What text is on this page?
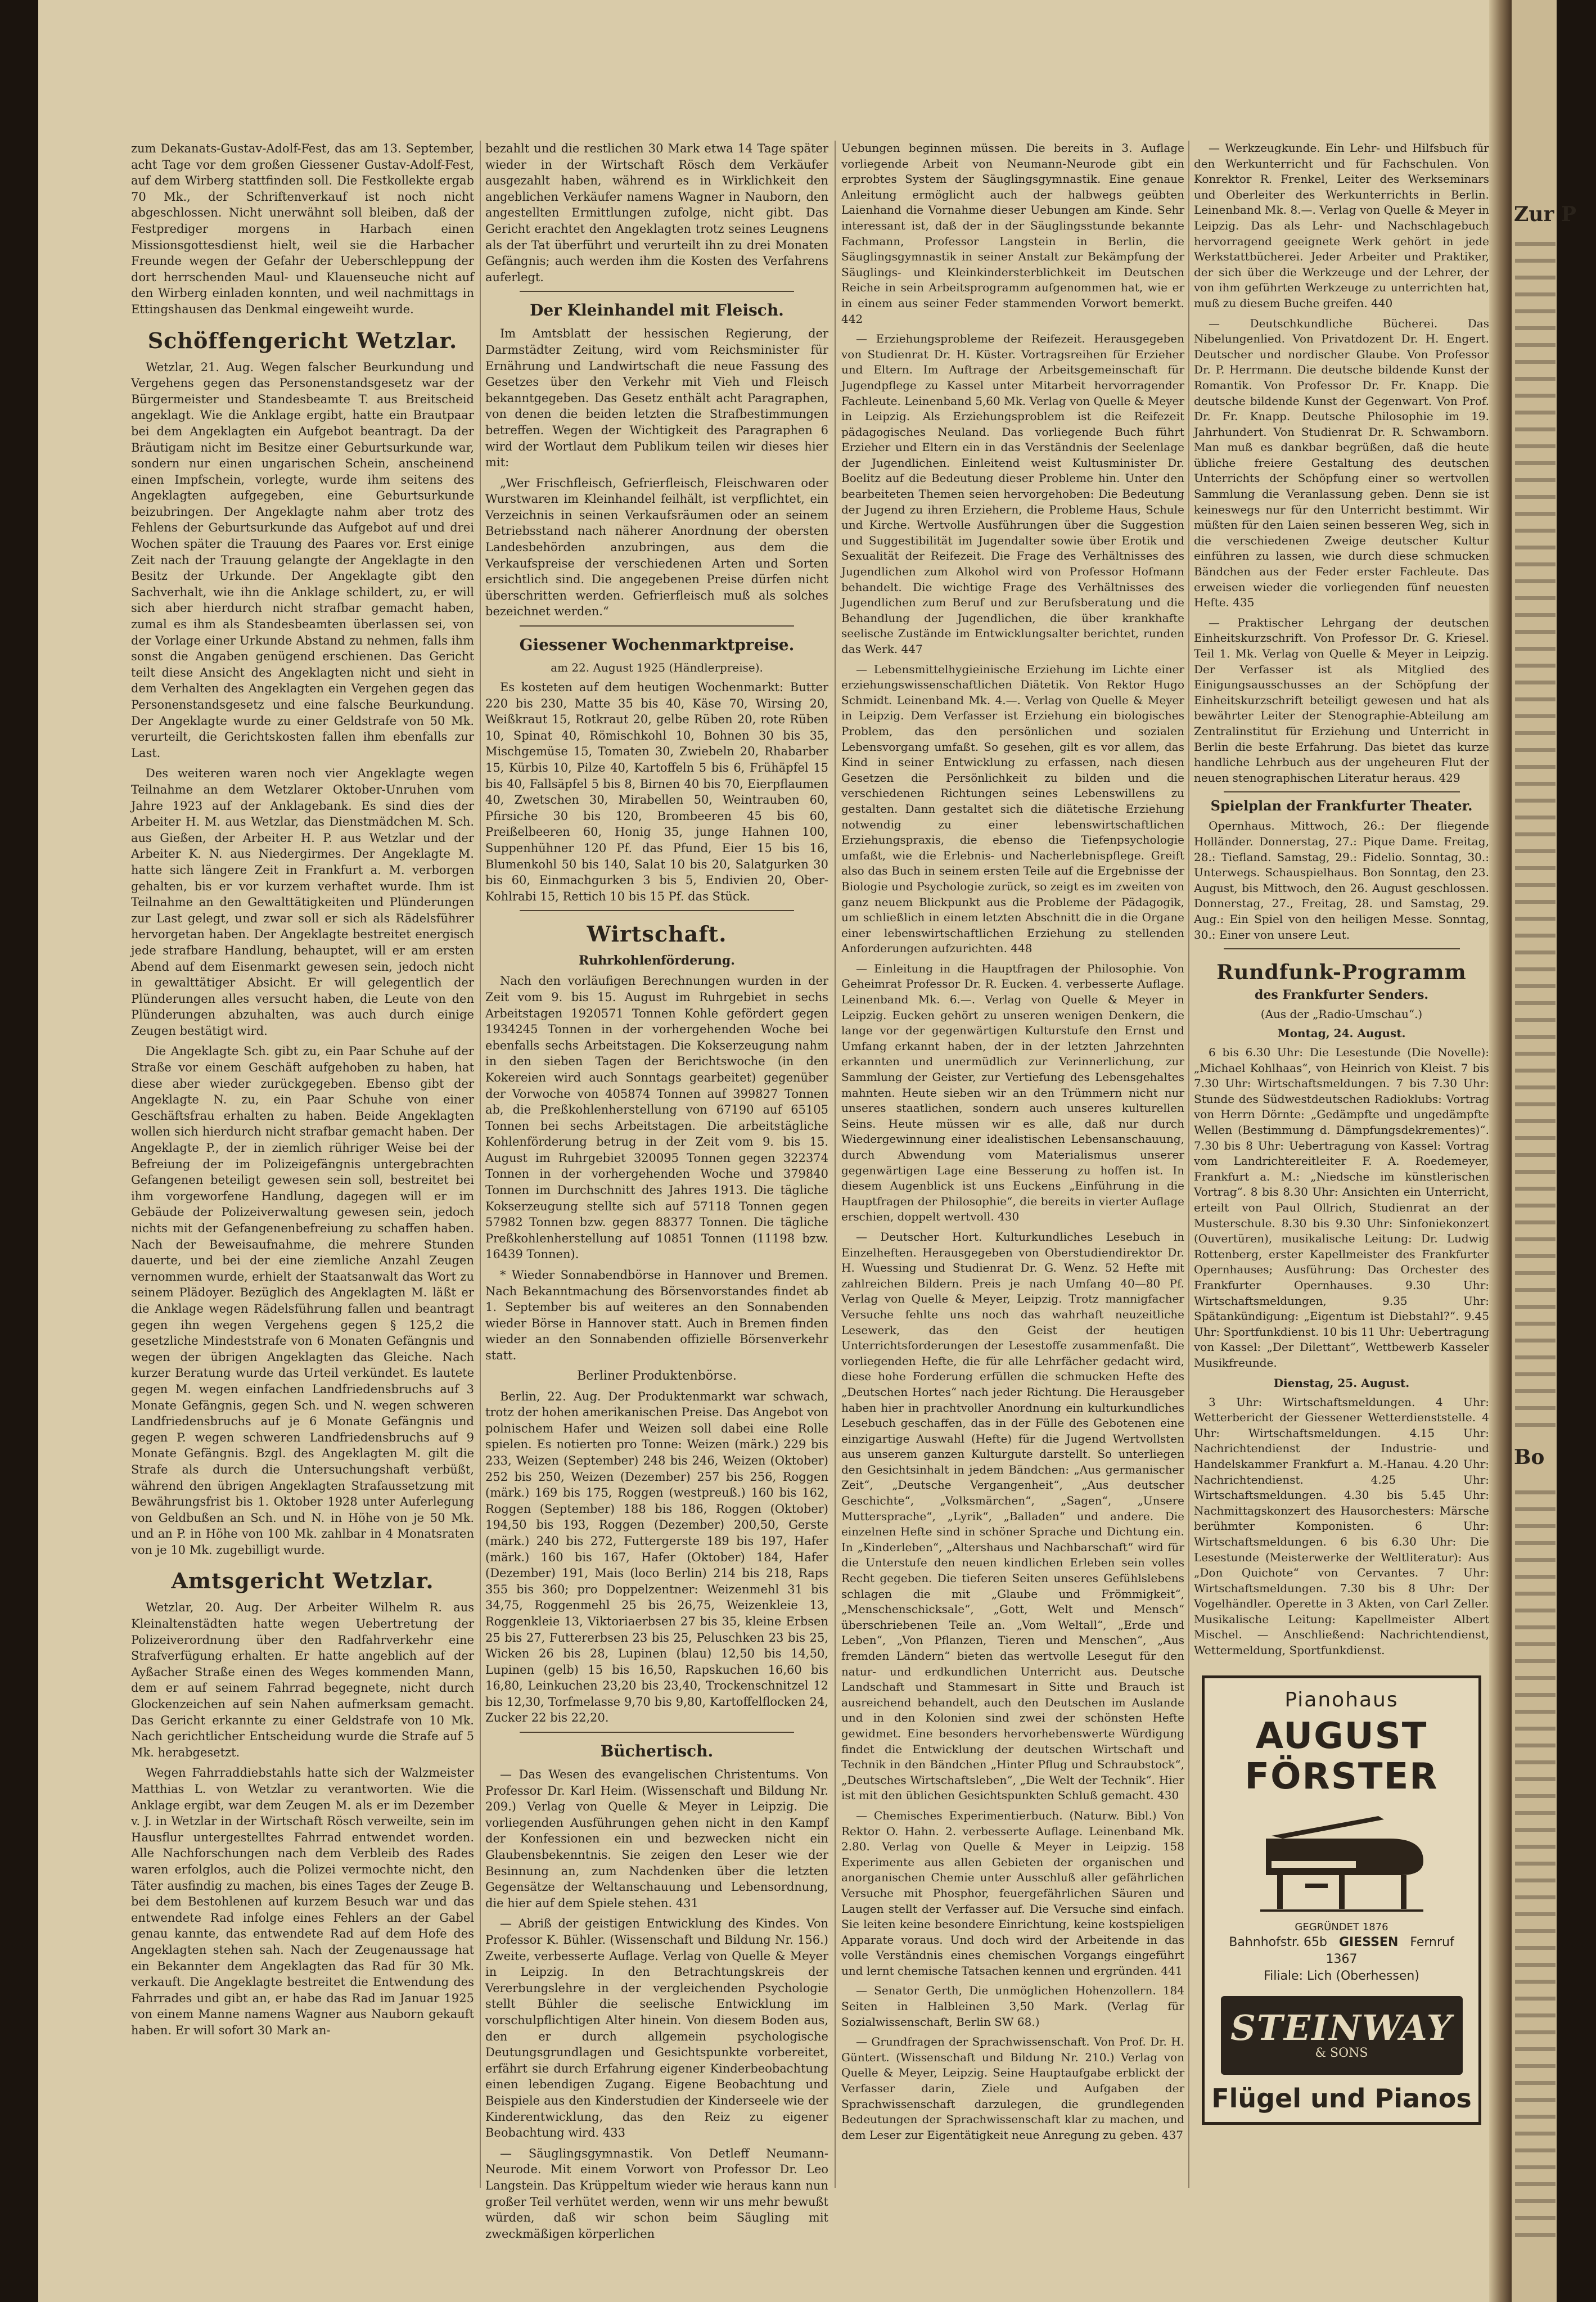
zum Dekanats-Gustav-Adolf-Fest, das am 13. September, acht Tage vor dem großen Giessener Gustav-Adolf-Fest, auf dem Wirberg stattfinden soll. Die Festkollekte ergab 70 Mk., der Schriftenverkauf ist noch nicht abgeschlossen. Nicht unerwähnt soll bleiben, daß der Festprediger morgens in Harbach einen Missionsgottesdienst hielt, weil sie die Harbacher Freunde wegen der Gefahr der Ueberschleppung der dort herrschenden Maul- und Klauenseuche nicht auf den Wirberg einladen konnten, und weil nachmittags in Ettingshausen das Denkmal eingeweiht wurde.

Schöffengericht Wetzlar.

Wetzlar, 21. Aug. Wegen falscher Beurkundung und Vergehens gegen das Personenstandsgesetz war der Bürgermeister und Standesbeamte T. aus Breitscheid angeklagt. Wie die Anklage ergibt, hatte ein Brautpaar bei dem Angeklagten ein Aufgebot beantragt. Da der Bräutigam nicht im Besitze einer Geburtsurkunde war, sondern nur einen ungarischen Schein, anscheinend einen Impfschein, vorlegte, wurde ihm seitens des Angeklagten aufgegeben, eine Geburtsurkunde beizubringen. Der Angeklagte nahm aber trotz des Fehlens der Geburtsurkunde das Aufgebot auf und drei Wochen später die Trauung des Paares vor. Erst einige Zeit nach der Trauung gelangte der Angeklagte in den Besitz der Urkunde. Der Angeklagte gibt den Sachverhalt, wie ihn die Anklage schildert, zu, er will sich aber hierdurch nicht strafbar gemacht haben, zumal es ihm als Standesbeamten überlassen sei, von der Vorlage einer Urkunde Abstand zu nehmen, falls ihm sonst die Angaben genügend erschienen. Das Gericht teilt diese Ansicht des Angeklagten nicht und sieht in dem Verhalten des Angeklagten ein Vergehen gegen das Personenstandsgesetz und eine falsche Beurkundung. Der Angeklagte wurde zu einer Geldstrafe von 50 Mk. verurteilt, die Gerichtskosten fallen ihm ebenfalls zur Last.

Des weiteren waren noch vier Angeklagte wegen Teilnahme an dem Wetzlarer Oktober-Unruhen vom Jahre 1923 auf der Anklagebank. Es sind dies der Arbeiter H. M. aus Wetzlar, das Dienstmädchen M. Sch. aus Gießen, der Arbeiter H. P. aus Wetzlar und der Arbeiter K. N. aus Niedergirmes. Der Angeklagte M. hatte sich längere Zeit in Frankfurt a. M. verborgen gehalten, bis er vor kurzem verhaftet wurde. Ihm ist Teilnahme an den Gewalttätigkeiten und Plünderungen zur Last gelegt, und zwar soll er sich als Rädelsführer hervorgetan haben. Der Angeklagte bestreitet energisch jede strafbare Handlung, behauptet, will er am ersten Abend auf dem Eisenmarkt gewesen sein, jedoch nicht in gewalttätiger Absicht. Er will gelegentlich der Plünderungen alles versucht haben, die Leute von den Plünderungen abzuhalten, was auch durch einige Zeugen bestätigt wird.

Die Angeklagte Sch. gibt zu, ein Paar Schuhe auf der Straße vor einem Geschäft aufgehoben zu haben, hat diese aber wieder zurückgegeben. Ebenso gibt der Angeklagte N. zu, ein Paar Schuhe von einer Geschäftsfrau erhalten zu haben. Beide Angeklagten wollen sich hierdurch nicht strafbar gemacht haben. Der Angeklagte P., der in ziemlich rühriger Weise bei der Befreiung der im Polizeigefängnis untergebrachten Gefangenen beteiligt gewesen sein soll, bestreitet bei ihm vorgeworfene Handlung, dagegen will er im Gebäude der Polizeiverwaltung gewesen sein, jedoch nichts mit der Gefangenenbefreiung zu schaffen haben. Nach der Beweisaufnahme, die mehrere Stunden dauerte, und bei der eine ziemliche Anzahl Zeugen vernommen wurde, erhielt der Staatsanwalt das Wort zu seinem Plädoyer. Bezüglich des Angeklagten M. läßt er die Anklage wegen Rädelsführung fallen und beantragt gegen ihn wegen Vergehens gegen § 125,2 die gesetzliche Mindeststrafe von 6 Monaten Gefängnis und wegen der übrigen Angeklagten das Gleiche. Nach kurzer Beratung wurde das Urteil verkündet. Es lautete gegen M. wegen einfachen Landfriedensbruchs auf 3 Monate Gefängnis, gegen Sch. und N. wegen schweren Landfriedensbruchs auf je 6 Monate Gefängnis und gegen P. wegen schweren Landfriedensbruchs auf 9 Monate Gefängnis. Bzgl. des Angeklagten M. gilt die Strafe als durch die Untersuchungshaft verbüßt, während den übrigen Angeklagten Strafaussetzung mit Bewährungsfrist bis 1. Oktober 1928 unter Auferlegung von Geldbußen an Sch. und N. in Höhe von je 50 Mk. und an P. in Höhe von 100 Mk. zahlbar in 4 Monatsraten von je 10 Mk. zugebilligt wurde.

Amtsgericht Wetzlar.

Wetzlar, 20. Aug. Der Arbeiter Wilhelm R. aus Kleinaltenstädten hatte wegen Uebertretung der Polizeiverordnung über den Radfahrverkehr eine Strafverfügung erhalten. Er hatte angeblich auf der Ayßacher Straße einen des Weges kommenden Mann, dem er auf seinem Fahrrad begegnete, nicht durch Glockenzeichen auf sein Nahen aufmerksam gemacht. Das Gericht erkannte zu einer Geldstrafe von 10 Mk. Nach gerichtlicher Entscheidung wurde die Strafe auf 5 Mk. herabgesetzt.

Wegen Fahrraddiebstahls hatte sich der Walzmeister Matthias L. von Wetzlar zu verantworten. Wie die Anklage ergibt, war dem Zeugen M. als er im Dezember v. J. in Wetzlar in der Wirtschaft Rösch verweilte, sein im Hausflur untergestelltes Fahrrad entwendet worden. Alle Nachforschungen nach dem Verbleib des Rades waren erfolglos, auch die Polizei vermochte nicht, den Täter ausfindig zu machen, bis eines Tages der Zeuge B. bei dem Bestohlenen auf kurzem Besuch war und das entwendete Rad infolge eines Fehlers an der Gabel genau kannte, das entwendete Rad auf dem Hofe des Angeklagten stehen sah. Nach der Zeugenaussage hat ein Bekannter dem Angeklagten das Rad für 30 Mk. verkauft. Die Angeklagte bestreitet die Entwendung des Fahrrades und gibt an, er habe das Rad im Januar 1925 von einem Manne namens Wagner aus Nauborn gekauft haben. Er will sofort 30 Mark an-

bezahlt und die restlichen 30 Mark etwa 14 Tage später wieder in der Wirtschaft Rösch dem Verkäufer ausgezahlt haben, während es in Wirklichkeit den angeblichen Verkäufer namens Wagner in Nauborn, den angestellten Ermittlungen zufolge, nicht gibt. Das Gericht erachtet den Angeklagten trotz seines Leugnens als der Tat überführt und verurteilt ihn zu drei Monaten Gefängnis; auch werden ihm die Kosten des Verfahrens auferlegt.

Der Kleinhandel mit Fleisch.

Im Amtsblatt der hessischen Regierung, der Darmstädter Zeitung, wird vom Reichsminister für Ernährung und Landwirtschaft die neue Fassung des Gesetzes über den Verkehr mit Vieh und Fleisch bekanntgegeben. Das Gesetz enthält acht Paragraphen, von denen die beiden letzten die Strafbestimmungen betreffen. Wegen der Wichtigkeit des Paragraphen 6 wird der Wortlaut dem Publikum teilen wir dieses hier mit:

„Wer Frischfleisch, Gefrierfleisch, Fleischwaren oder Wurstwaren im Kleinhandel feilhält, ist verpflichtet, ein Verzeichnis in seinen Verkaufsräumen oder an seinem Betriebsstand nach näherer Anordnung der obersten Landesbehörden anzubringen, aus dem die Verkaufspreise der verschiedenen Arten und Sorten ersichtlich sind. Die angegebenen Preise dürfen nicht überschritten werden. Gefrierfleisch muß als solches bezeichnet werden.“

Giessener Wochenmarktpreise.
am 22. August 1925 (Händlerpreise).

Es kosteten auf dem heutigen Wochenmarkt: Butter 220 bis 230, Matte 35 bis 40, Käse 70, Wirsing 20, Weißkraut 15, Rotkraut 20, gelbe Rüben 20, rote Rüben 10, Spinat 40, Römischkohl 10, Bohnen 30 bis 35, Mischgemüse 15, Tomaten 30, Zwiebeln 20, Rhabarber 15, Kürbis 10, Pilze 40, Kartoffeln 5 bis 6, Frühäpfel 15 bis 40, Fallsäpfel 5 bis 8, Birnen 40 bis 70, Eierpflaumen 40, Zwetschen 30, Mirabellen 50, Weintrauben 60, Pfirsiche 30 bis 120, Brombeeren 45 bis 60, Preißelbeeren 60, Honig 35, junge Hahnen 100, Suppenhühner 120 Pf. das Pfund, Eier 15 bis 16, Blumenkohl 50 bis 140, Salat 10 bis 20, Salatgurken 30 bis 60, Einmachgurken 3 bis 5, Endivien 20, Ober-Kohlrabi 15, Rettich 10 bis 15 Pf. das Stück.

Wirtschaft.
Ruhrkohlenförderung.

Nach den vorläufigen Berechnungen wurden in der Zeit vom 9. bis 15. August im Ruhrgebiet in sechs Arbeitstagen 1920571 Tonnen Kohle gefördert gegen 1934245 Tonnen in der vorhergehenden Woche bei ebenfalls sechs Arbeitstagen. Die Kokserzeugung nahm in den sieben Tagen der Berichtswoche (in den Kokereien wird auch Sonntags gearbeitet) gegenüber der Vorwoche von 405874 Tonnen auf 399827 Tonnen ab, die Preßkohlenherstellung von 67190 auf 65105 Tonnen bei sechs Arbeitstagen. Die arbeitstägliche Kohlenförderung betrug in der Zeit vom 9. bis 15. August im Ruhrgebiet 320095 Tonnen gegen 322374 Tonnen in der vorhergehenden Woche und 379840 Tonnen im Durchschnitt des Jahres 1913. Die tägliche Kokserzeugung stellte sich auf 57118 Tonnen gegen 57982 Tonnen bzw. gegen 88377 Tonnen. Die tägliche Preßkohlenherstellung auf 10851 Tonnen (11198 bzw. 16439 Tonnen).

* Wieder Sonnabendbörse in Hannover und Bremen. Nach Bekanntmachung des Börsenvorstandes findet ab 1. September bis auf weiteres an den Sonnabenden wieder Börse in Hannover statt. Auch in Bremen finden wieder an den Sonnabenden offizielle Börsenverkehr statt.

Berliner Produktenbörse.

Berlin, 22. Aug. Der Produktenmarkt war schwach, trotz der hohen amerikanischen Preise. Das Angebot von polnischem Hafer und Weizen soll dabei eine Rolle spielen. Es notierten pro Tonne: Weizen (märk.) 229 bis 233, Weizen (September) 248 bis 246, Weizen (Oktober) 252 bis 250, Weizen (Dezember) 257 bis 256, Roggen (märk.) 169 bis 175, Roggen (westpreuß.) 160 bis 162, Roggen (September) 188 bis 186, Roggen (Oktober) 194,50 bis 193, Roggen (Dezember) 200,50, Gerste (märk.) 240 bis 272, Futtergerste 189 bis 197, Hafer (märk.) 160 bis 167, Hafer (Oktober) 184, Hafer (Dezember) 191, Mais (loco Berlin) 214 bis 218, Raps 355 bis 360; pro Doppelzentner: Weizenmehl 31 bis 34,75, Roggenmehl 25 bis 26,75, Weizenkleie 13, Roggenkleie 13, Viktoriaerbsen 27 bis 35, kleine Erbsen 25 bis 27, Futtererbsen 23 bis 25, Peluschken 23 bis 25, Wicken 26 bis 28, Lupinen (blau) 12,50 bis 14,50, Lupinen (gelb) 15 bis 16,50, Rapskuchen 16,60 bis 16,80, Leinkuchen 23,20 bis 23,40, Trockenschnitzel 12 bis 12,30, Torfmelasse 9,70 bis 9,80, Kartoffelflocken 24, Zucker 22 bis 22,20.

Büchertisch.

— Das Wesen des evangelischen Christentums. Von Professor Dr. Karl Heim. (Wissenschaft und Bildung Nr. 209.) Verlag von Quelle & Meyer in Leipzig. Die vorliegenden Ausführungen gehen nicht in den Kampf der Konfessionen ein und bezwecken nicht ein Glaubensbekenntnis. Sie zeigen den Leser wie der Besinnung an, zum Nachdenken über die letzten Gegensätze der Weltanschauung und Lebensordnung, die hier auf dem Spiele stehen. 431

— Abriß der geistigen Entwicklung des Kindes. Von Professor K. Bühler. (Wissenschaft und Bildung Nr. 156.) Zweite, verbesserte Auflage. Verlag von Quelle & Meyer in Leipzig. In den Betrachtungskreis der Vererbungslehre in der vergleichenden Psychologie stellt Bühler die seelische Entwicklung im vorschulpflichtigen Alter hinein. Von diesem Boden aus, den er durch allgemein psychologische Deutungsgrundlagen und Gesichtspunkte vorbereitet, erfährt sie durch Erfahrung eigener Kinderbeobachtung einen lebendigen Zugang. Eigene Beobachtung und Beispiele aus den Kinderstudien der Kinderseele wie der Kinderentwicklung, das den Reiz zu eigener Beobachtung wird. 433

— Säuglingsgymnastik. Von Detleff Neumann-Neurode. Mit einem Vorwort von Professor Dr. Leo Langstein. Das Krüppeltum wieder wie heraus kann nun großer Teil verhütet werden, wenn wir uns mehr bewußt würden, daß wir schon beim Säugling mit zweckmäßigen körperlichen

Uebungen beginnen müssen. Die bereits in 3. Auflage vorliegende Arbeit von Neumann-Neurode gibt ein erprobtes System der Säuglingsgymnastik. Eine genaue Anleitung ermöglicht auch der halbwegs geübten Laienhand die Vornahme dieser Uebungen am Kinde. Sehr interessant ist, daß der in der Säuglingsstunde bekannte Fachmann, Professor Langstein in Berlin, die Säuglingsgymnastik in seiner Anstalt zur Bekämpfung der Säuglings- und Kleinkindersterblichkeit im Deutschen Reiche in sein Arbeitsprogramm aufgenommen hat, wie er in einem aus seiner Feder stammenden Vorwort bemerkt. 442

— Erziehungsprobleme der Reifezeit. Herausgegeben von Studienrat Dr. H. Küster. Vortragsreihen für Erzieher und Eltern. Im Auftrage der Arbeitsgemeinschaft für Jugendpflege zu Kassel unter Mitarbeit hervorragender Fachleute. Leinenband 5,60 Mk. Verlag von Quelle & Meyer in Leipzig. Als Erziehungsproblem ist die Reifezeit pädagogisches Neuland. Das vorliegende Buch führt Erzieher und Eltern ein in das Verständnis der Seelenlage der Jugendlichen. Einleitend weist Kultusminister Dr. Boelitz auf die Bedeutung dieser Probleme hin. Unter den bearbeiteten Themen seien hervorgehoben: Die Bedeutung der Jugend zu ihren Erziehern, die Probleme Haus, Schule und Kirche. Wertvolle Ausführungen über die Suggestion und Suggestibilität im Jugendalter sowie über Erotik und Sexualität der Reifezeit. Die Frage des Verhältnisses des Jugendlichen zum Alkohol wird von Professor Hofmann behandelt. Die wichtige Frage des Verhältnisses des Jugendlichen zum Beruf und zur Berufsberatung und die Behandlung der Jugendlichen, die über krankhafte seelische Zustände im Entwicklungsalter berichtet, runden das Werk. 447

— Lebensmittelhygieinische Erziehung im Lichte einer erziehungswissenschaftlichen Diätetik. Von Rektor Hugo Schmidt. Leinenband Mk. 4.—. Verlag von Quelle & Meyer in Leipzig. Dem Verfasser ist Erziehung ein biologisches Problem, das den persönlichen und sozialen Lebensvorgang umfaßt. So gesehen, gilt es vor allem, das Kind in seiner Entwicklung zu erfassen, nach diesen Gesetzen die Persönlichkeit zu bilden und die verschiedenen Richtungen seines Lebenswillens zu gestalten. Dann gestaltet sich die diätetische Erziehung notwendig zu einer lebenswirtschaftlichen Erziehungspraxis, die ebenso die Tiefenpsychologie umfaßt, wie die Erlebnis- und Nacherlebnispflege. Greift also das Buch in seinem ersten Teile auf die Ergebnisse der Biologie und Psychologie zurück, so zeigt es im zweiten von ganz neuem Blickpunkt aus die Probleme der Pädagogik, um schließlich in einem letzten Abschnitt die in die Organe einer lebenswirtschaftlichen Erziehung zu stellenden Anforderungen aufzurichten. 448

— Einleitung in die Hauptfragen der Philosophie. Von Geheimrat Professor Dr. R. Eucken. 4. verbesserte Auflage. Leinenband Mk. 6.—. Verlag von Quelle & Meyer in Leipzig. Eucken gehört zu unseren wenigen Denkern, die lange vor der gegenwärtigen Kulturstufe den Ernst und Umfang erkannt haben, der in der letzten Jahrzehnten erkannten und unermüdlich zur Verinnerlichung, zur Sammlung der Geister, zur Vertiefung des Lebensgehaltes mahnten. Heute sieben wir an den Trümmern nicht nur unseres staatlichen, sondern auch unseres kulturellen Seins. Heute müssen wir es alle, daß nur durch Wiedergewinnung einer idealistischen Lebensanschauung, durch Abwendung vom Materialismus unserer gegenwärtigen Lage eine Besserung zu hoffen ist. In diesem Augenblick ist uns Euckens „Einführung in die Hauptfragen der Philosophie“, die bereits in vierter Auflage erschien, doppelt wertvoll. 430

— Deutscher Hort. Kulturkundliches Lesebuch in Einzelheften. Herausgegeben von Oberstudiendirektor Dr. H. Wuessing und Studienrat Dr. G. Wenz. 52 Hefte mit zahlreichen Bildern. Preis je nach Umfang 40—80 Pf. Verlag von Quelle & Meyer, Leipzig. Trotz mannigfacher Versuche fehlte uns noch das wahrhaft neuzeitliche Lesewerk, das den Geist der heutigen Unterrichtsforderungen der Lesestoffe zusammenfaßt. Die vorliegenden Hefte, die für alle Lehrfächer gedacht wird, diese hohe Forderung erfüllen die schmucken Hefte des „Deutschen Hortes“ nach jeder Richtung. Die Herausgeber haben hier in prachtvoller Anordnung ein kulturkundliches Lesebuch geschaffen, das in der Fülle des Gebotenen eine einzigartige Auswahl (Hefte) für die Jugend Wertvollsten aus unserem ganzen Kulturgute darstellt. So unterliegen den Gesichtsinhalt in jedem Bändchen: „Aus germanischer Zeit“, „Deutsche Vergangenheit“, „Aus deutscher Geschichte“, „Volksmärchen“, „Sagen“, „Unsere Muttersprache“, „Lyrik“, „Balladen“ und andere. Die einzelnen Hefte sind in schöner Sprache und Dichtung ein. In „Kinderleben“, „Altershaus und Nachbarschaft“ wird für die Unterstufe den neuen kindlichen Erleben sein volles Recht gegeben. Die tieferen Seiten unseres Gefühlslebens schlagen die mit „Glaube und Frömmigkeit“, „Menschenschicksale“, „Gott, Welt und Mensch“ überschriebenen Teile an. „Vom Weltall“, „Erde und Leben“, „Von Pflanzen, Tieren und Menschen“, „Aus fremden Ländern“ bieten das wertvolle Lesegut für den natur- und erdkundlichen Unterricht aus. Deutsche Landschaft und Stammesart in Sitte und Brauch ist ausreichend behandelt, auch den Deutschen im Auslande und in den Kolonien sind zwei der schönsten Hefte gewidmet. Eine besonders hervorhebenswerte Würdigung findet die Entwicklung der deutschen Wirtschaft und Technik in den Bändchen „Hinter Pflug und Schraubstock“, „Deutsches Wirtschaftsleben“, „Die Welt der Technik“. Hier ist mit den üblichen Gesichtspunkten Schluß gemacht. 430

— Chemisches Experimentierbuch. (Naturw. Bibl.) Von Rektor O. Hahn. 2. verbesserte Auflage. Leinenband Mk. 2.80. Verlag von Quelle & Meyer in Leipzig. 158 Experimente aus allen Gebieten der organischen und anorganischen Chemie unter Ausschluß aller gefährlichen Versuche mit Phosphor, feuergefährlichen Säuren und Laugen stellt der Verfasser auf. Die Versuche sind einfach. Sie leiten keine besondere Einrichtung, keine kostspieligen Apparate voraus. Und doch wird der Arbeitende in das volle Verständnis eines chemischen Vorgangs eingeführt und lernt chemische Tatsachen kennen und ergründen. 441

— Senator Gerth, Die unmöglichen Hohenzollern. 184 Seiten in Halbleinen 3,50 Mark. (Verlag für Sozialwissenschaft, Berlin SW 68.)

— Grundfragen der Sprachwissenschaft. Von Prof. Dr. H. Güntert. (Wissenschaft und Bildung Nr. 210.) Verlag von Quelle & Meyer, Leipzig. Seine Hauptaufgabe erblickt der Verfasser darin, Ziele und Aufgaben der Sprachwissenschaft darzulegen, die grundlegenden Bedeutungen der Sprachwissenschaft klar zu machen, und dem Leser zur Eigentätigkeit neue Anregung zu geben. 437

— Werkzeugkunde. Ein Lehr- und Hilfsbuch für den Werkunterricht und für Fachschulen. Von Konrektor R. Frenkel, Leiter des Werkseminars und Oberleiter des Werkunterrichts in Berlin. Leinenband Mk. 8.—. Verlag von Quelle & Meyer in Leipzig. Das als Lehr- und Nachschlagebuch hervorragend geeignete Werk gehört in jede Werkstattbücherei. Jeder Arbeiter und Praktiker, der sich über die Werkzeuge und der Lehrer, der von ihm geführten Werkzeuge zu unterrichten hat, muß zu diesem Buche greifen. 440

— Deutschkundliche Bücherei. Das Nibelungenlied. Von Privatdozent Dr. H. Engert. Deutscher und nordischer Glaube. Von Professor Dr. P. Herrmann. Die deutsche bildende Kunst der Romantik. Von Professor Dr. Fr. Knapp. Die deutsche bildende Kunst der Gegenwart. Von Prof. Dr. Fr. Knapp. Deutsche Philosophie im 19. Jahrhundert. Von Studienrat Dr. R. Schwamborn. Man muß es dankbar begrüßen, daß die heute übliche freiere Gestaltung des deutschen Unterrichts der Schöpfung einer so wertvollen Sammlung die Veranlassung geben. Denn sie ist keineswegs nur für den Unterricht bestimmt. Wir müßten für den Laien seinen besseren Weg, sich in die verschiedenen Zweige deutscher Kultur einführen zu lassen, wie durch diese schmucken Bändchen aus der Feder erster Fachleute. Das erweisen wieder die vorliegenden fünf neuesten Hefte. 435

— Praktischer Lehrgang der deutschen Einheitskurzschrift. Von Professor Dr. G. Kriesel. Teil 1. Mk. Verlag von Quelle & Meyer in Leipzig. Der Verfasser ist als Mitglied des Einigungsausschusses an der Schöpfung der Einheitskurzschrift beteiligt gewesen und hat als bewährter Leiter der Stenographie-Abteilung am Zentralinstitut für Erziehung und Unterricht in Berlin die beste Erfahrung. Das bietet das kurze handliche Lehrbuch aus der ungeheuren Flut der neuen stenographischen Literatur heraus. 429

Spielplan der Frankfurter Theater.

Opernhaus. Mittwoch, 26.: Der fliegende Holländer. Donnerstag, 27.: Pique Dame. Freitag, 28.: Tiefland. Samstag, 29.: Fidelio. Sonntag, 30.: Unterwegs. Schauspielhaus. Bon Sonntag, den 23. August, bis Mittwoch, den 26. August geschlossen. Donnerstag, 27., Freitag, 28. und Samstag, 29. Aug.: Ein Spiel von den heiligen Messe. Sonntag, 30.: Einer von unsere Leut.

Rundfunk-Programm
des Frankfurter Senders.
(Aus der „Radio-Umschau“.)
Montag, 24. August.

6 bis 6.30 Uhr: Die Lesestunde (Die Novelle): „Michael Kohlhaas“, von Heinrich von Kleist. 7 bis 7.30 Uhr: Wirtschaftsmeldungen. 7 bis 7.30 Uhr: Stunde des Südwestdeutschen Radioklubs: Vortrag von Herrn Dörnte: „Gedämpfte und ungedämpfte Wellen (Bestimmung d. Dämpfungsdekrementes)“. 7.30 bis 8 Uhr: Uebertragung von Kassel: Vortrag vom Landrichtereitleiter F. A. Roedemeyer, Frankfurt a. M.: „Niedsche im künstlerischen Vortrag“. 8 bis 8.30 Uhr: Ansichten ein Unterricht, erteilt von Paul Ollrich, Studienrat an der Musterschule. 8.30 bis 9.30 Uhr: Sinfoniekonzert (Ouvertüren), musikalische Leitung: Dr. Ludwig Rottenberg, erster Kapellmeister des Frankfurter Opernhauses; Ausführung: Das Orchester des Frankfurter Opernhauses. 9.30 Uhr: Wirtschaftsmeldungen, 9.35 Uhr: Spätankündigung: „Eigentum ist Diebstahl?“. 9.45 Uhr: Sportfunkdienst. 10 bis 11 Uhr: Uebertragung von Kassel: „Der Dilettant“, Wettbewerb Kasseler Musikfreunde.

Dienstag, 25. August.

3 Uhr: Wirtschaftsmeldungen. 4 Uhr: Wetterbericht der Giessener Wetterdienststelle. 4 Uhr: Wirtschaftsmeldungen. 4.15 Uhr: Nachrichtendienst der Industrie- und Handelskammer Frankfurt a. M.-Hanau. 4.20 Uhr: Nachrichtendienst. 4.25 Uhr: Wirtschaftsmeldungen. 4.30 bis 5.45 Uhr: Nachmittagskonzert des Hausorchesters: Märsche berühmter Komponisten. 6 Uhr: Wirtschaftsmeldungen. 6 bis 6.30 Uhr: Die Lesestunde (Meisterwerke der Weltliteratur): Aus „Don Quichote“ von Cervantes. 7 Uhr: Wirtschaftsmeldungen. 7.30 bis 8 Uhr: Der Vogelhändler. Operette in 3 Akten, von Carl Zeller. Musikalische Leitung: Kapellmeister Albert Mischel. — Anschließend: Nachrichtendienst, Wettermeldung, Sportfunkdienst.

Pianohaus
AUGUST
FÖRSTER
GEGRÜNDET 1876
Bahnhofstr. 65b GIESSEN Fernruf 1367
Filiale: Lich (Oberhessen)
STEINWAY
& SONS
Flügel und Pianos
Zur P
Bo
